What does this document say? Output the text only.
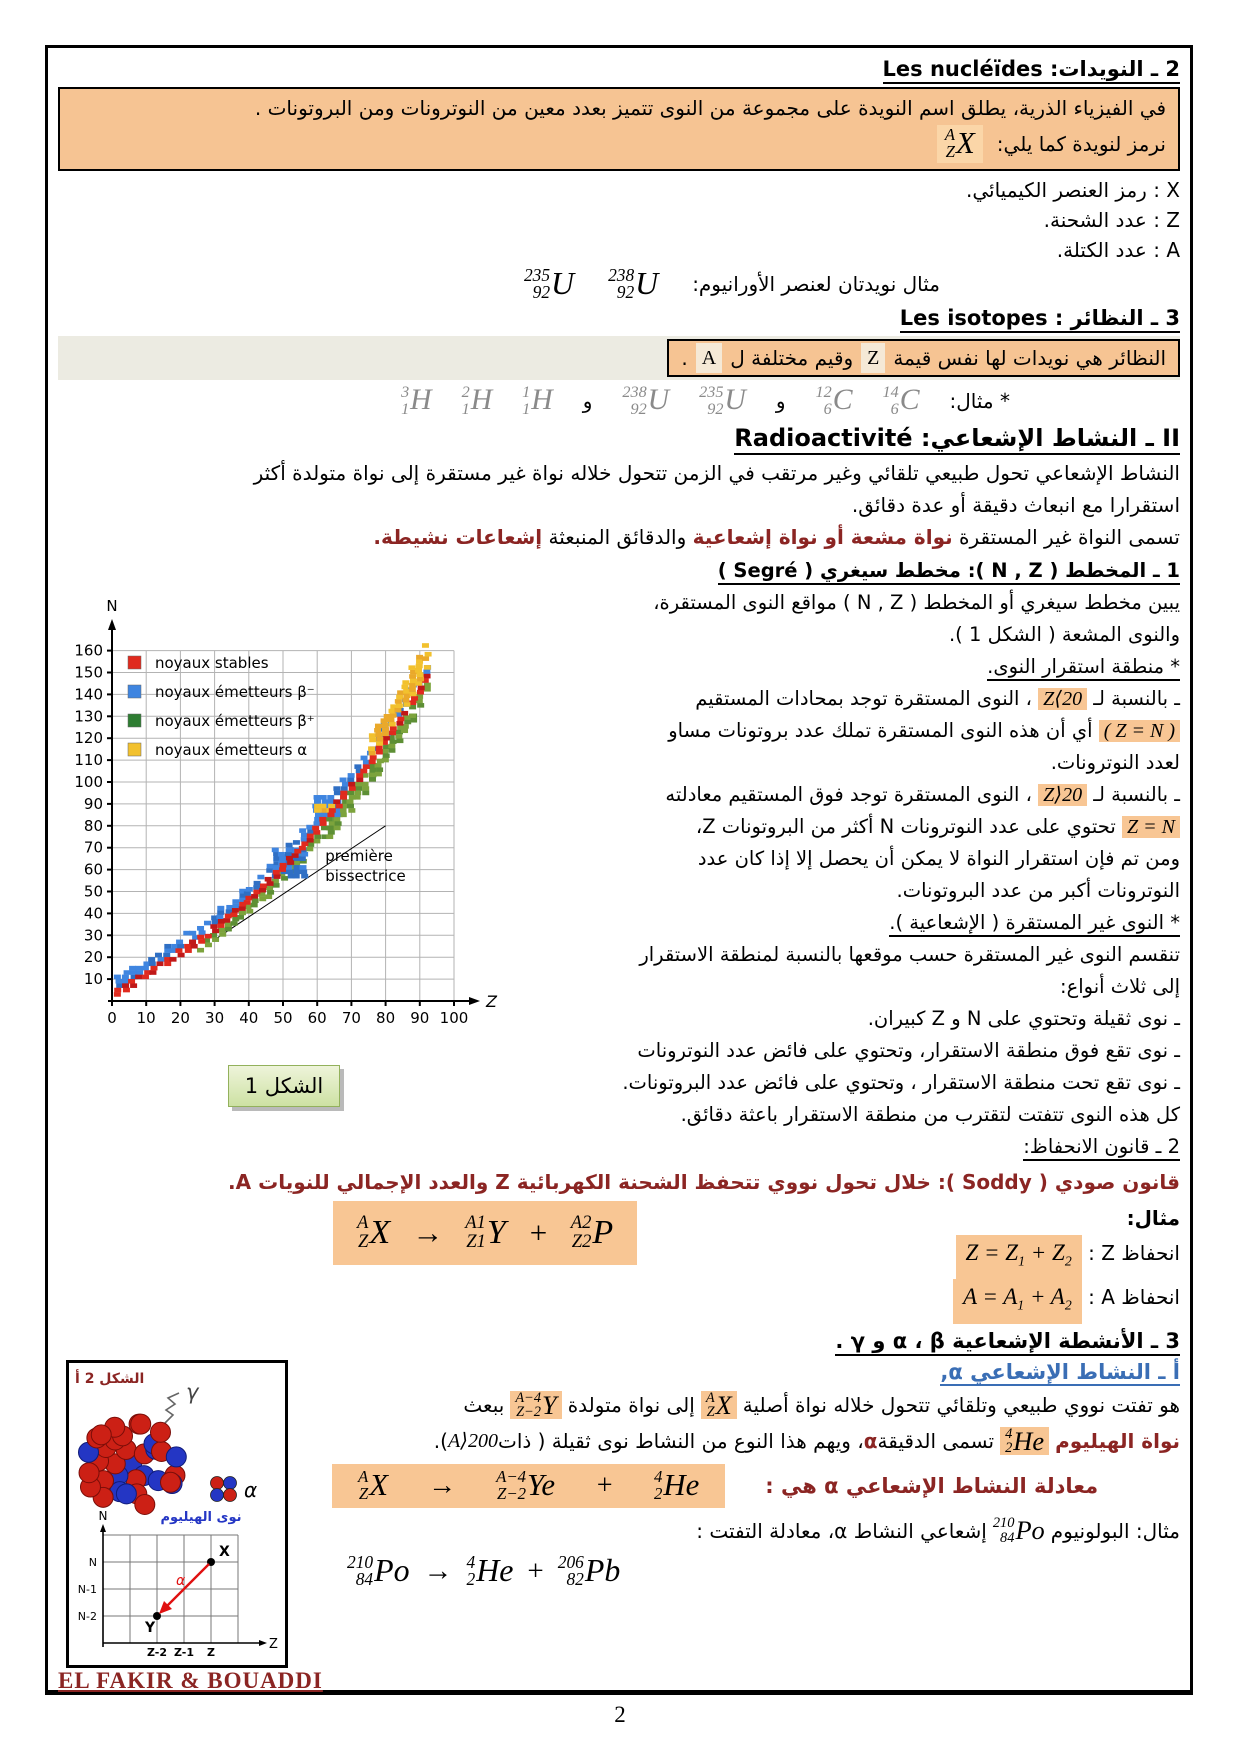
2 ـ النويدات: Les nucléïdes
في الفيزياء الذرية، يطلق اسم النويدة على مجموعة من النوى تتميز بعدد معين من النوترونات ومن البروتونات .
نرمز لنويدة كما يلي:
A
Z X
X : رمز العنصر الكيميائي.
Z : عدد الشحنة.
A : عدد الكتلة.
مثال نويدتان لعنصر الأورانيوم:
238
92 U
235
92 U
3 ـ النظائر : Les isotopes
النظائر هي نويدات لها نفس قيمة
Z
وقيم مختلفة ل
A
.
* مثال:
14
6 C
12
6 C
و
235
92 U
238
92 U
و
1
1 H
2
1 H
3
1 H
II ـ النشاط الإشعاعي: Radioactivité
النشاط الإشعاعي تحول طبيعي تلقائي وغير مرتقب في الزمن تتحول خلاله نواة غير مستقرة إلى نواة متولدة أكثر
استقرارا مع انبعاث دقيقة أو عدة دقائق.
تسمى النواة غير المستقرة نواة مشعة أو نواة إشعاعية والدقائق المنبعثة إشعاعات نشيطة.
première
bissectrice
N
Z
10
20
30
40
50
60
70
80
90
100
110
120
130
140
150
160
0 10 20 30 40 50 60 70 80 90 100
noyaux stables
noyaux émetteurs β⁻
noyaux émetteurs β⁺
noyaux émetteurs α
الشكل 1
1 ـ المخطط ( N , Z ): مخطط سيغري ( Segré )
يبين مخطط سيغري أو المخطط ( N , Z ) مواقع النوى المستقرة،
والنوى المشعة ( الشكل 1 ).
* منطقة استقرار النوى.
ـ بالنسبة لـ Z⟨20 ، النوى المستقرة توجد بمحادات المستقيم
( Z = N ) أي أن هذه النوى المستقرة تملك عدد بروتونات مساو
لعدد النوترونات.
ـ بالنسبة لـ Z⟩20 ، النوى المستقرة توجد فوق المستقيم معادلته
Z = N تحتوي على عدد النوترونات N أكثر من البروتونات Z،
ومن تم فإن استقرار النواة لا يمكن أن يحصل إلا إذا كان عدد
النوترونات أكبر من عدد البروتونات.
* النوى غير المستقرة ( الإشعاعية ).
تنقسم النوى غير المستقرة حسب موقعها بالنسبة لمنطقة الاستقرار
إلى ثلاث أنواع:
ـ نوى ثقيلة وتحتوي على N و Z كبيران.
ـ نوى تقع فوق منطقة الاستقرار، وتحتوي على فائض عدد النوترونات
ـ نوى تقع تحت منطقة الاستقرار ، وتحتوي على فائض عدد البروتونات.
كل هذه النوى تتفتت لتقترب من منطقة الاستقرار باعثة دقائق.
2 ـ قانون الانحفاظ:
قانون صودي ( Soddy ): خلال تحول نووي تتحفظ الشحنة الكهربائية Z والعدد الإجمالي للنويات A.
A
Z X → A1
Z1 Y + A2
Z2 P	مثال:
انحفاظ Z : $Z = Z_1 + Z_2$
انحفاظ A : $A = A_1 + A_2$
3 ـ الأنشطة الإشعاعية α ، β و γ .
الشكل 2 أ
γ
α
نوى الهيليوم
N
Z
N
N-1
N-2
Z-2 Z-1 Z
X
Y
α
أ ـ النشاط الإشعاعي α,
هو تفتت نووي طبيعي وتلقائي تتحول خلاله نواة أصلية
A
Z X
إلى نواة متولدة
A−4
Z−2 Y
ببعث
نواة الهيليوم
4
2 He
تسمى الدقيقة
α
، ويهم هذا النوع من النشاط نوى ثقيلة ( ذات
A⟩200
).
A
Z X → A−4
Z−2 Ye + 4
2 He	معادلة النشاط الإشعاعي α هي :
مثال: البولونيوم
210
84 Po
إشعاعي النشاط α، معادلة التفتت :
210
84 Po → 4
2 He + 206
82 Pb
EL FAKIR & BOUADDI
2
